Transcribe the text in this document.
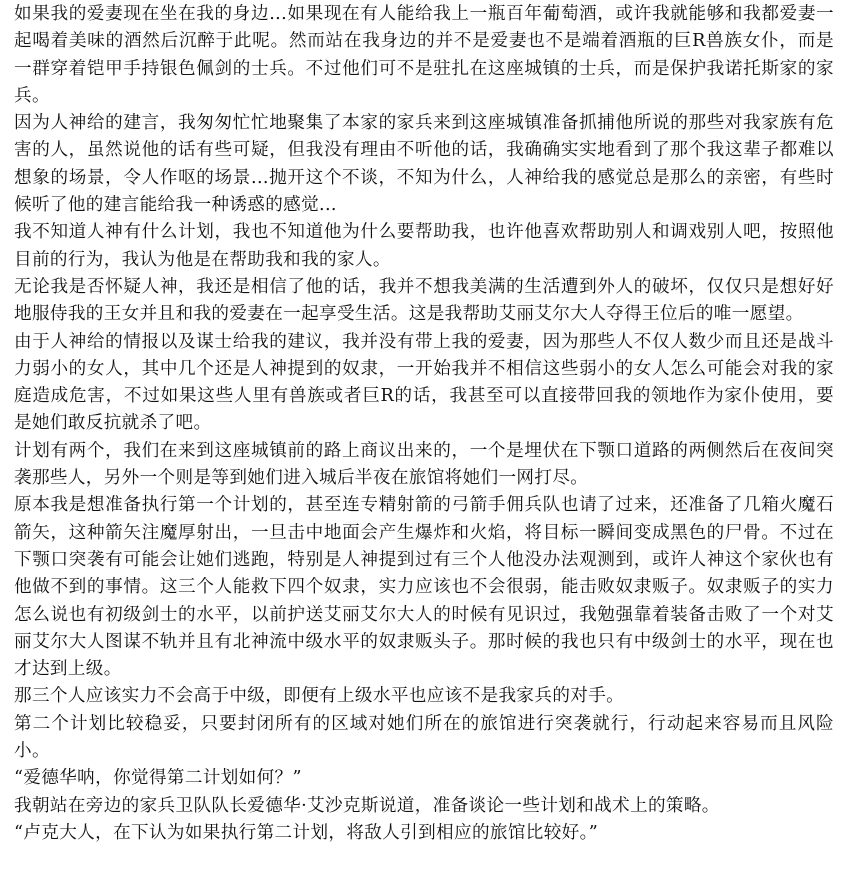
如果我的爱妻现在坐在我的身边...如果现在有人能给我上一瓶百年葡萄酒，或许我就能够和我都爱妻一起喝着美味的酒然后沉醉于此呢。然而站在我身边的并不是爱妻也不是端着酒瓶的巨R兽族女仆，而是一群穿着铠甲手持银色佩剑的士兵。不过他们可不是驻扎在这座城镇的士兵，而是保护我诺托斯家的家兵。

因为人神给的建言，我匆匆忙忙地聚集了本家的家兵来到这座城镇准备抓捕他所说的那些对我家族有危害的人，虽然说他的话有些可疑，但我没有理由不听他的话，我确确实实地看到了那个我这辈子都难以想象的场景，令人作呕的场景...抛开这个不谈，不知为什么，人神给我的感觉总是那么的亲密，有些时候听了他的建言能给我一种诱惑的感觉...

我不知道人神有什么计划，我也不知道他为什么要帮助我，也许他喜欢帮助别人和调戏别人吧，按照他目前的行为，我认为他是在帮助我和我的家人。

无论我是否怀疑人神，我还是相信了他的话，我并不想我美满的生活遭到外人的破坏，仅仅只是想好好地服侍我的王女并且和我的爱妻在一起享受生活。这是我帮助艾丽艾尔大人夺得王位后的唯一愿望。

由于人神给的情报以及谋士给我的建议，我并没有带上我的爱妻，因为那些人不仅人数少而且还是战斗力弱小的女人，其中几个还是人神提到的奴隶，一开始我并不相信这些弱小的女人怎么可能会对我的家庭造成危害，不过如果这些人里有兽族或者巨R的话，我甚至可以直接带回我的领地作为家仆使用，要是她们敢反抗就杀了吧。

计划有两个，我们在来到这座城镇前的路上商议出来的，一个是埋伏在下颚口道路的两侧然后在夜间突袭那些人，另外一个则是等到她们进入城后半夜在旅馆将她们一网打尽。

原本我是想准备执行第一个计划的，甚至连专精射箭的弓箭手佣兵队也请了过来，还准备了几箱火魔石箭矢，这种箭矢注魔厚射出，一旦击中地面会产生爆炸和火焰，将目标一瞬间变成黑色的尸骨。不过在下颚口突袭有可能会让她们逃跑，特别是人神提到过有三个人他没办法观测到，或许人神这个家伙也有他做不到的事情。这三个人能救下四个奴隶，实力应该也不会很弱，能击败奴隶贩子。奴隶贩子的实力怎么说也有初级剑士的水平，以前护送艾丽艾尔大人的时候有见识过，我勉强靠着装备击败了一个对艾丽艾尔大人图谋不轨并且有北神流中级水平的奴隶贩头子。那时候的我也只有中级剑士的水平，现在也才达到上级。

那三个人应该实力不会高于中级，即便有上级水平也应该不是我家兵的对手。

第二个计划比较稳妥，只要封闭所有的区域对她们所在的旅馆进行突袭就行，行动起来容易而且风险小。

“爱德华呐，你觉得第二计划如何？”

我朝站在旁边的家兵卫队队长爱德华·艾沙克斯说道，准备谈论一些计划和战术上的策略。

“卢克大人，在下认为如果执行第二计划，将敌人引到相应的旅馆比较好。”
